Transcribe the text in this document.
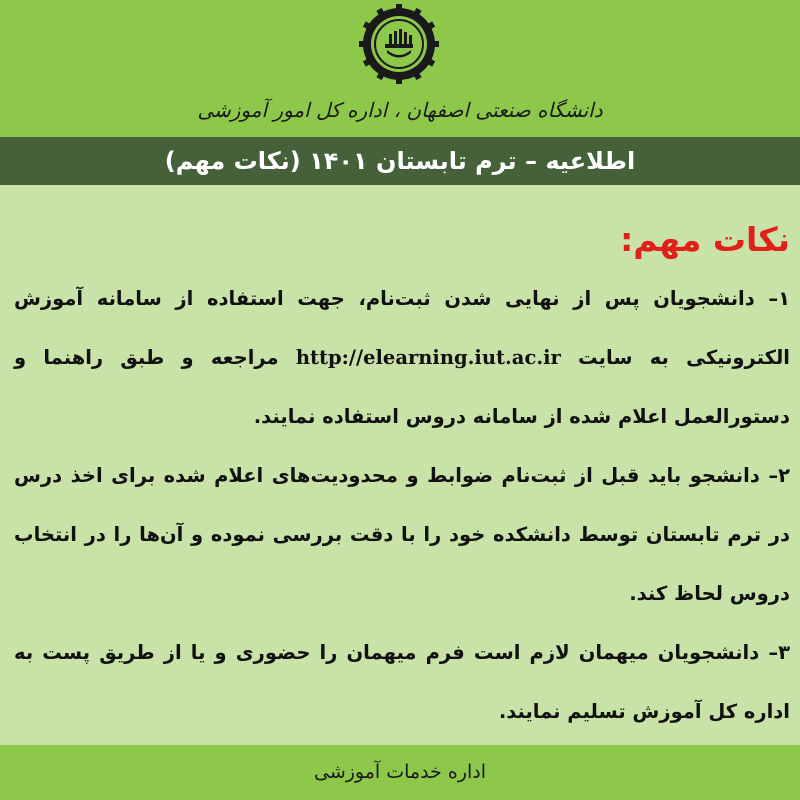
دانشگاه صنعتی اصفهان ، اداره کل امور آموزشی
اطلاعیه – ترم تابستان ۱۴۰۱ (نکات مهم)
نکات مهم:

۱– دانشجویان پس از نهایی شدن ثبت‌نام، جهت استفاده از سامانه آموزش الکترونیکی به سایت http://elearning.iut.ac.ir مراجعه و طبق راهنما و دستورالعمل اعلام شده از سامانه دروس استفاده نمایند.

۲– دانشجو باید قبل از ثبت‌نام ضوابط و محدودیت‌های اعلام شده برای اخذ درس در ترم تابستان توسط دانشکده خود را با دقت بررسی نموده و آن‌ها را در انتخاب دروس لحاظ کند.

۳– دانشجویان میهمان لازم است فرم میهمان را حضوری و یا از طریق پست به اداره کل آموزش تسلیم نمایند.

اداره خدمات آموزشی
